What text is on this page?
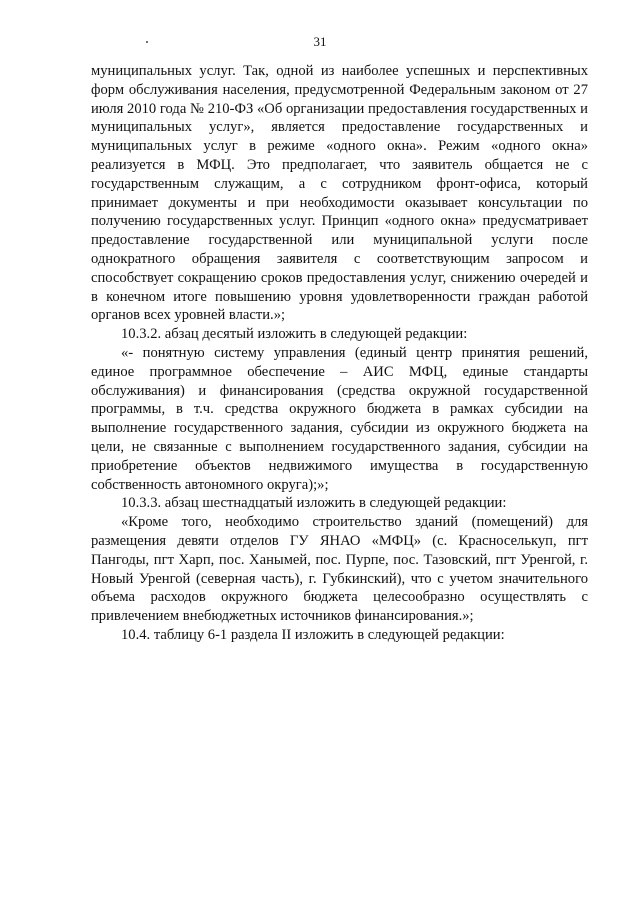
31

муниципальных услуг. Так, одной из наиболее успешных и перспективных форм обслуживания населения, предусмотренной Федеральным законом от 27 июля 2010 года № 210-ФЗ «Об организации предоставления государственных и муниципальных услуг», является предоставление государственных и муниципальных услуг в режиме «одного окна». Режим «одного окна» реализуется в МФЦ. Это предполагает, что заявитель общается не с государственным служащим, а с сотрудником фронт-офиса, который принимает документы и при необходимости оказывает консультации по получению государственных услуг. Принцип «одного окна» предусматривает предоставление государственной или муниципальной услуги после однократного обращения заявителя с соответствующим запросом и способствует сокращению сроков предоставления услуг, снижению очередей и в конечном итоге повышению уровня удовлетворенности граждан работой органов всех уровней власти.»;

10.3.2. абзац десятый изложить в следующей редакции:

«- понятную систему управления (единый центр принятия решений, единое программное обеспечение – АИС МФЦ, единые стандарты обслуживания) и финансирования (средства окружной государственной программы, в т.ч. средства окружного бюджета в рамках субсидии на выполнение государственного задания, субсидии из окружного бюджета на цели, не связанные с выполнением государственного задания, субсидии на приобретение объектов недвижимого имущества в государственную собственность автономного округа);»;

10.3.3. абзац шестнадцатый изложить в следующей редакции:

«Кроме того, необходимо строительство зданий (помещений) для размещения девяти отделов ГУ ЯНАО «МФЦ» (с. Красноселькуп, пгт Пангоды, пгт Харп, пос. Ханымей, пос. Пурпе, пос. Тазовский, пгт Уренгой, г. Новый Уренгой (северная часть), г. Губкинский), что с учетом значительного объема расходов окружного бюджета целесообразно осуществлять с привлечением внебюджетных источников финансирования.»;

10.4. таблицу 6-1 раздела II изложить в следующей редакции:
